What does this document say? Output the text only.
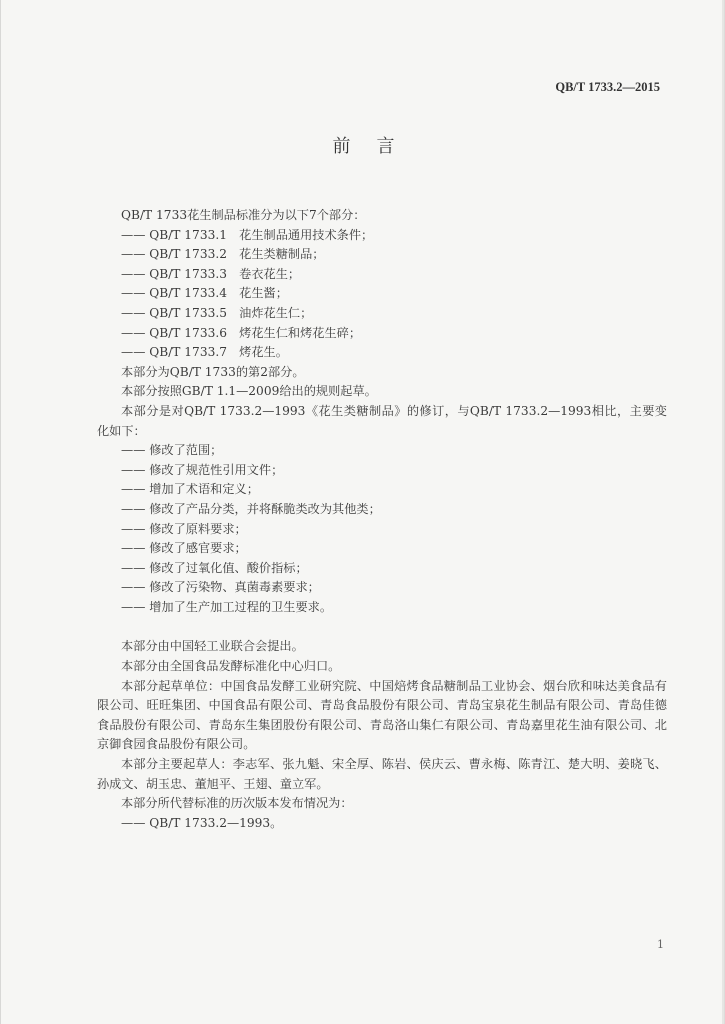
QB/T 1733.2—2015
前言

QB/T 1733花生制品标准分为以下7个部分：

—— QB/T 1733.1　花生制品通用技术条件；

—— QB/T 1733.2　花生类糖制品；

—— QB/T 1733.3　卷衣花生；

—— QB/T 1733.4　花生酱；

—— QB/T 1733.5　油炸花生仁；

—— QB/T 1733.6　烤花生仁和烤花生碎；

—— QB/T 1733.7　烤花生。

本部分为QB/T 1733的第2部分。

本部分按照GB/T 1.1—2009给出的规则起草。

本部分是对QB/T 1733.2—1993《花生类糖制品》的修订，与QB/T 1733.2—1993相比，主要变化如下：

—— 修改了范围；

—— 修改了规范性引用文件；

—— 增加了术语和定义；

—— 修改了产品分类，并将酥脆类改为其他类；

—— 修改了原料要求；

—— 修改了感官要求；

—— 修改了过氧化值、酸价指标；

—— 修改了污染物、真菌毒素要求；

—— 增加了生产加工过程的卫生要求。

本部分由中国轻工业联合会提出。

本部分由全国食品发酵标准化中心归口。

本部分起草单位：中国食品发酵工业研究院、中国焙烤食品糖制品工业协会、烟台欣和味达美食品有限公司、旺旺集团、中国食品有限公司、青岛食品股份有限公司、青岛宝泉花生制品有限公司、青岛佳德食品股份有限公司、青岛东生集团股份有限公司、青岛洛山集仁有限公司、青岛嘉里花生油有限公司、北京御食园食品股份有限公司。

本部分主要起草人：李志军、张九魁、宋全厚、陈岩、侯庆云、曹永梅、陈青江、楚大明、姜晓飞、孙成文、胡玉忠、董旭平、王翅、童立军。

本部分所代替标准的历次版本发布情况为：

—— QB/T 1733.2—1993。

1
